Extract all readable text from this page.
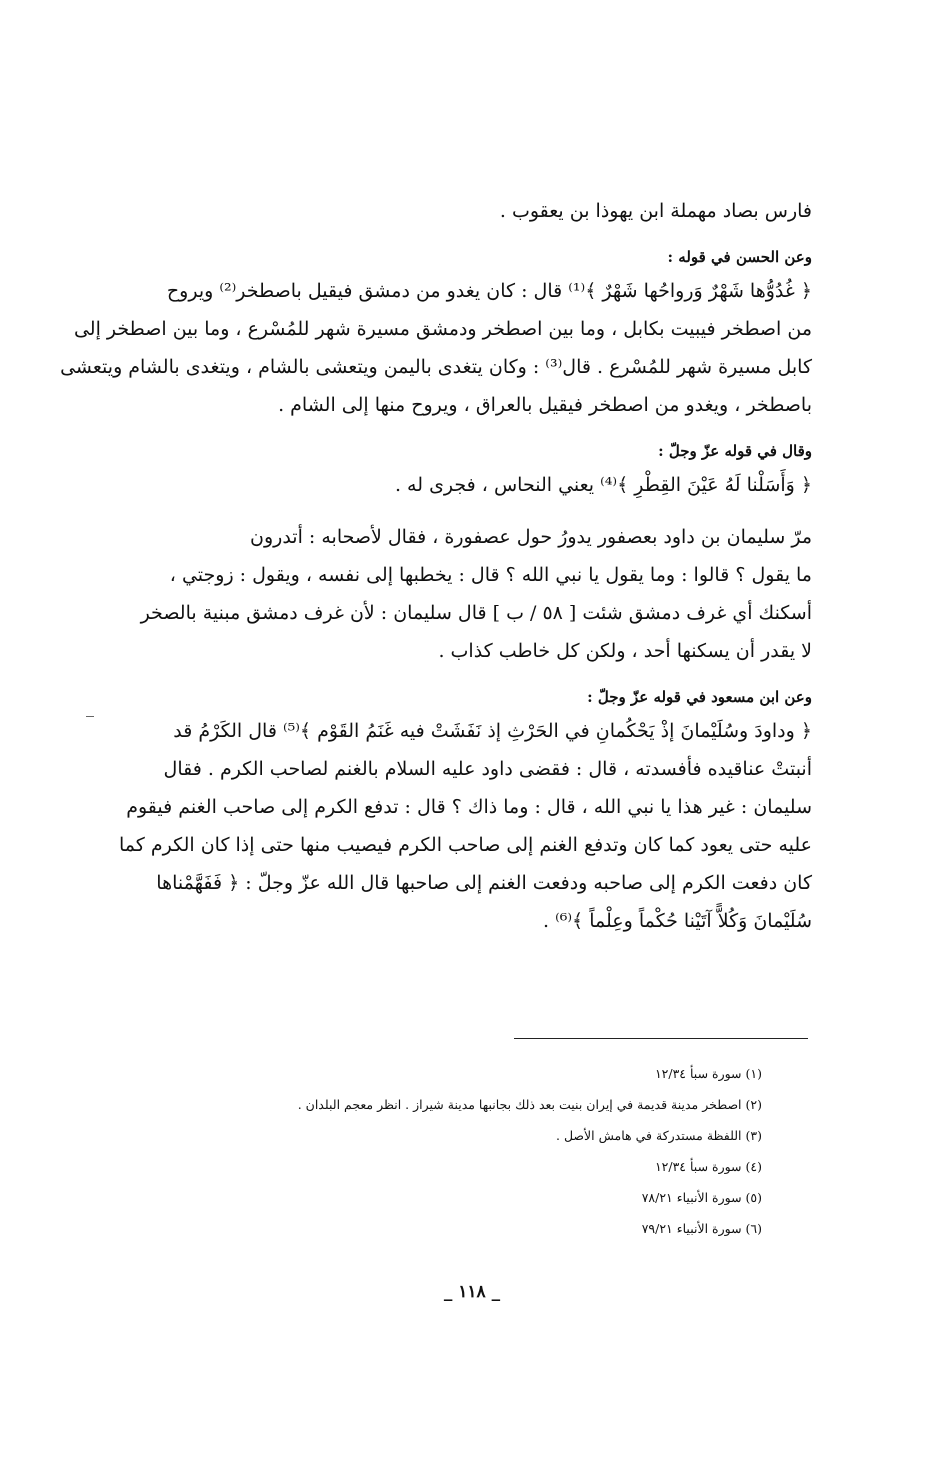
فارس بصاد مهملة ابن يهوذا بن يعقوب .
وعن الحسن في قوله :
﴿ غُدُوُّها شَهْرٌ وَرواحُها شَهْرٌ ﴾⁽¹⁾ قال : كان يغدو من دمشق فيقيل باصطخر⁽²⁾ ويروح
من اصطخر فيبيت بكابل ، وما بين اصطخر ودمشق مسيرة شهر للمُسْرع ، وما بين اصطخر إلى
كابل مسيرة شهر للمُسْرع . قال⁽³⁾ : وكان يتغدى باليمن ويتعشى بالشام ، ويتغدى بالشام ويتعشى
باصطخر ، ويغدو من اصطخر فيقيل بالعراق ، ويروح منها إلى الشام .
وقال في قوله عزّ وجلّ :
﴿ وَأَسَلْنا لَهُ عَيْنَ القِطْرِ ﴾⁽⁴⁾ يعني النحاس ، فجرى له .
مرّ سليمان بن داود بعصفور يدورُ حول عصفورة ، فقال لأصحابه : أتدرون
ما يقول ؟ قالوا : وما يقول يا نبي الله ؟ قال : يخطبها إلى نفسه ، ويقول : زوجتي ،
أسكنك أي غرف دمشق شئت [ ٥٨ / ب ] قال سليمان : لأن غرف دمشق مبنية بالصخر
لا يقدر أن يسكنها أحد ، ولكن كل خاطب كذاب .
وعن ابن مسعود في قوله عزّ وجلّ :
﴿ وداودَ وسُلَيْمانَ إذْ يَحْكُمانِ في الحَرْثِ إذ نَفَشَتْ فيه غَنَمُ القَوْم ﴾⁽⁵⁾ قال الكَرْمُ قد
أنبتتْ عناقيده فأفسدته ، قال : فقضى داود عليه السلام بالغنم لصاحب الكرم . فقال
سليمان : غير هذا يا نبي الله ، قال : وما ذاك ؟ قال : تدفع الكرم إلى صاحب الغنم فيقوم
عليه حتى يعود كما كان وتدفع الغنم إلى صاحب الكرم فيصيب منها حتى إذا كان الكرم كما
كان دفعت الكرم إلى صاحبه ودفعت الغنم إلى صاحبها قال الله عزّ وجلّ : ﴿ فَفَهَّمْناها
سُلَيْمانَ وَكُلاًّ آتَيْنا حُكْماً وعِلْماً ﴾⁽⁶⁾ .
(١) سورة سبأ ١٢/٣٤
(٢) اصطخر مدينة قديمة في إيران بنيت بعد ذلك بجانبها مدينة شيراز . انظر معجم البلدان .
(٣) اللفظة مستدركة في هامش الأصل .
(٤) سورة سبأ ١٢/٣٤
(٥) سورة الأنبياء ٧٨/٢١
(٦) سورة الأنبياء ٧٩/٢١
_ ١١٨ _
